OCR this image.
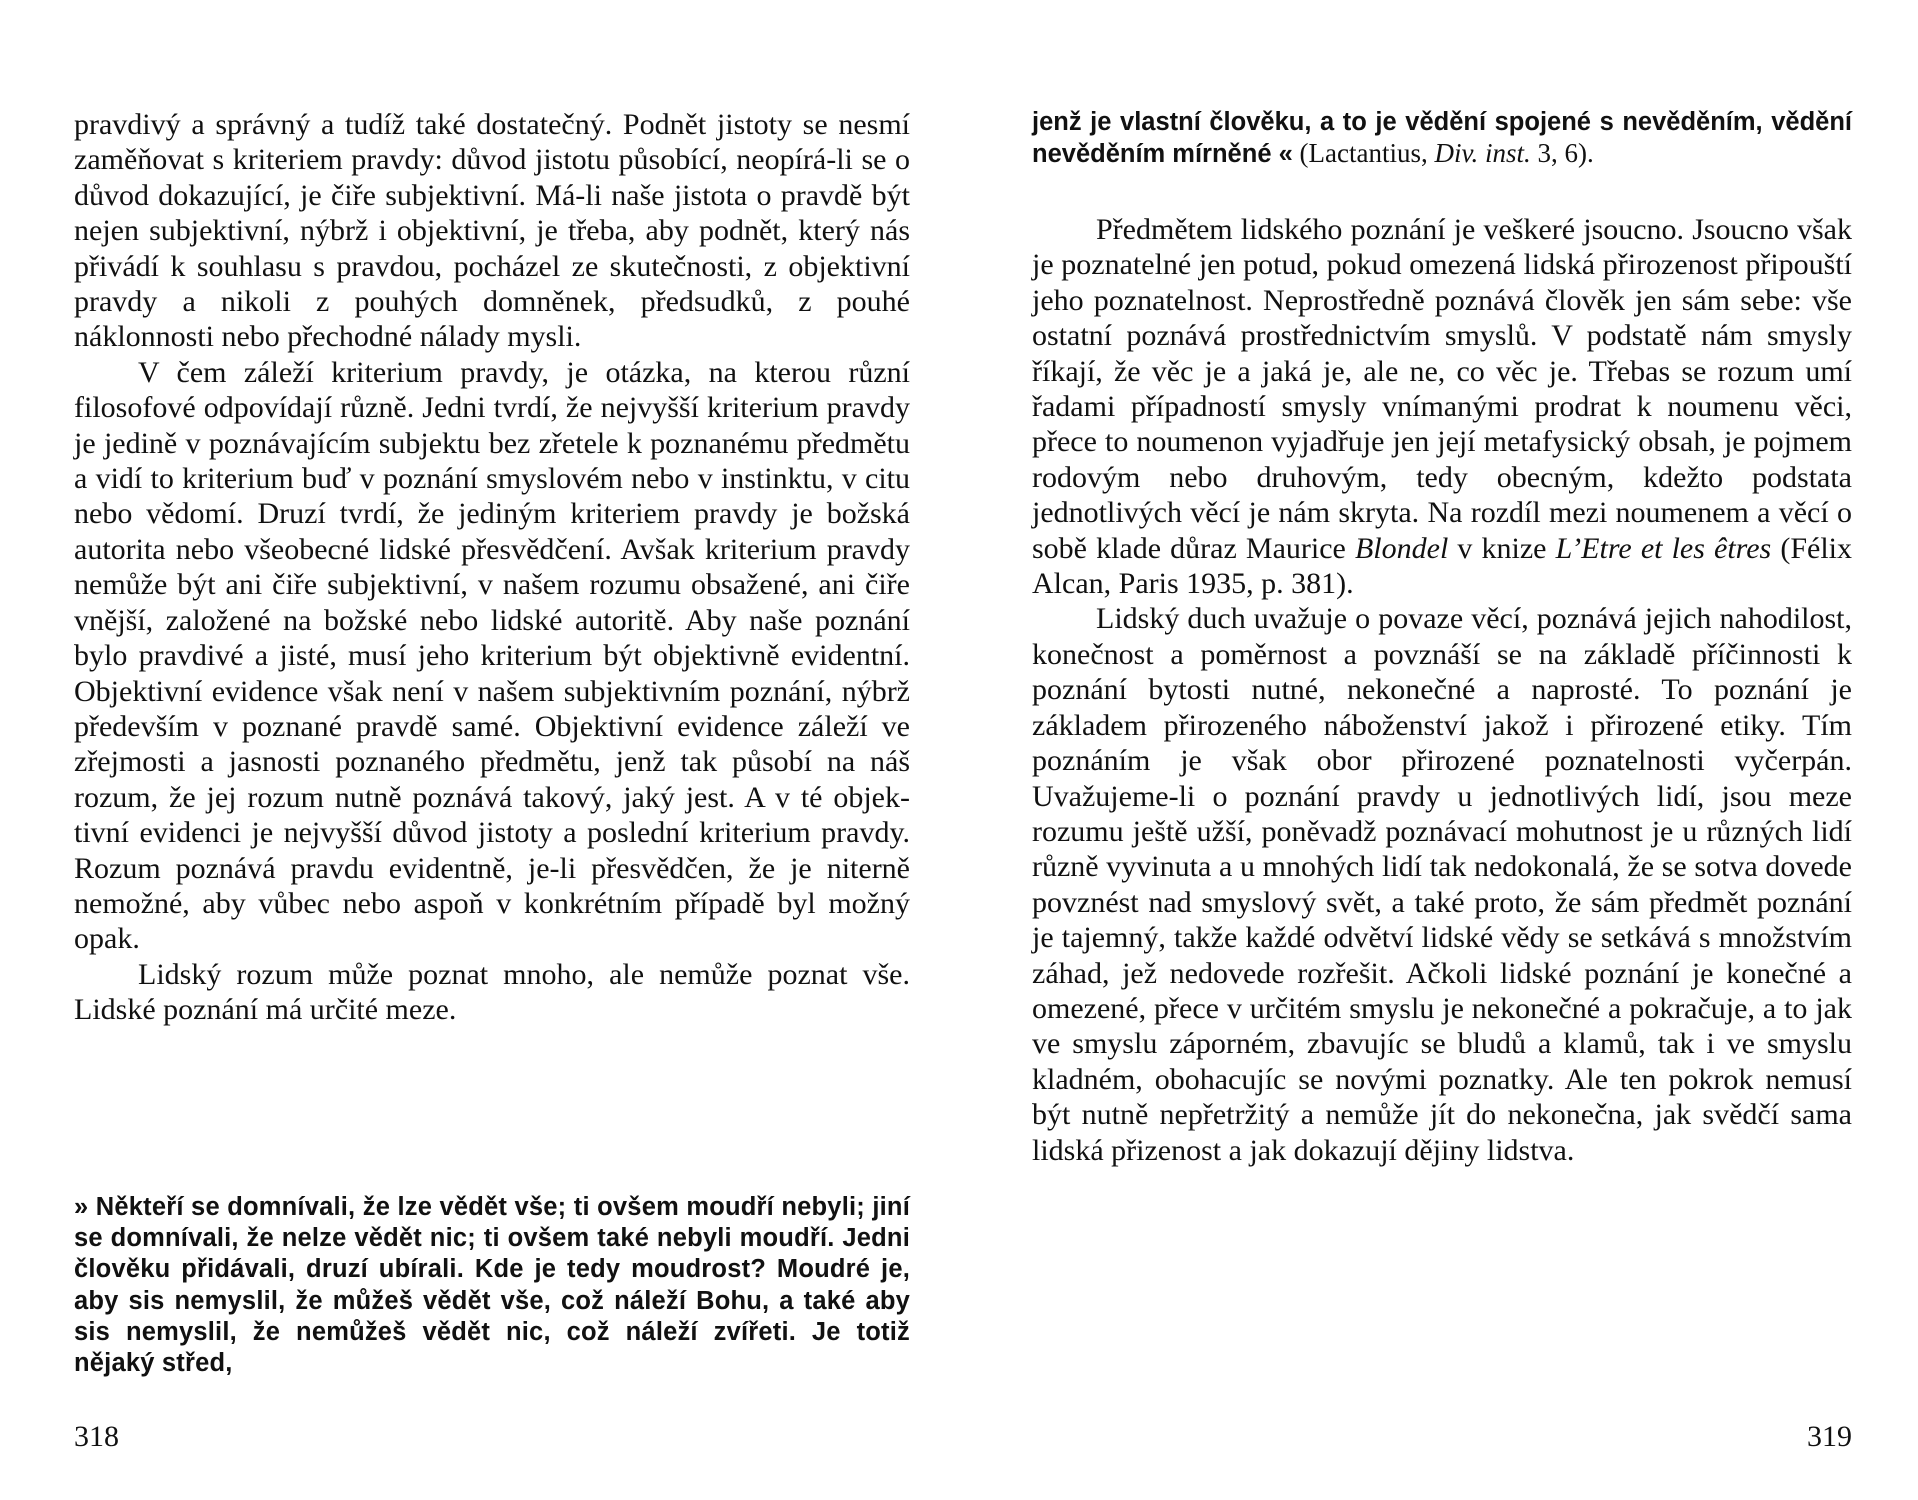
pravdivý a správný a tudíž také dostatečný. Podnět jistoty se nesmí zaměňovat s kriteriem pravdy: důvod jistotu působící, neopírá-li se o důvod dokazující, je čiře subjektivní. Má-li naše jistota o pravdě být nejen subjektivní, nýbrž i objektivní, je třeba, aby podnět, který nás přivádí k souhlasu s pravdou, pocházel ze skutečnosti, z objektivní pravdy a nikoli z pouhých domněnek, předsudků, z pouhé náklonnosti nebo přechodné nálady mysli.

V čem záleží kriterium pravdy, je otázka, na kterou různí filosofové odpovídají různě. Jedni tvrdí, že nejvyšší kriterium pravdy je jedině v poznávajícím subjektu bez zřetele k poznanému předmětu a vidí to kriterium buď v poznání smyslovém nebo v instinktu, v citu nebo vědomí. Druzí tvrdí, že jediným kriteriem pravdy je božská autorita nebo všeobecné lidské přesvědčení. Avšak kriterium pravdy nemůže být ani čiře subjektivní, v našem rozumu obsažené, ani čiře vnější, založené na božské nebo lidské autoritě. Aby naše poznání bylo pravdivé a jisté, musí jeho kriterium být objektivně evidentní. Objektivní evidence však není v našem subjektivním poznání, nýbrž především v poznané pravdě samé. Objektivní evidence záleží ve zřejmosti a jasnosti poznaného předmětu, jenž tak působí na náš rozum, že jej rozum nutně poznává takový, jaký jest. A v té objektivní evidenci je nejvyšší důvod jistoty a poslední kriterium pravdy. Rozum poznává pravdu evidentně, je-li přesvědčen, že je niterně nemožné, aby vůbec nebo aspoň v konkrétním případě byl možný opak.

Lidský rozum může poznat mnoho, ale nemůže poznat vše. Lidské poznání má určité meze.

» Někteří se domnívali, že lze vědět vše; ti ovšem moudří nebyli; jiní se domnívali, že nelze vědět nic; ti ovšem také nebyli moudří. Jedni člověku přidávali, druzí ubírali. Kde je tedy moudrost? Moudré je, aby sis nemyslil, že můžeš vědět vše, což náleží Bohu, a také aby sis nemyslil, že nemůžeš vědět nic, což náleží zvířeti. Je totiž nějaký střed,

318

jenž je vlastní člověku, a to je vědění spojené s nevěděním, vědění nevěděním mírněné « (Lactantius, Div. inst. 3, 6).

Předmětem lidského poznání je veškeré jsoucno. Jsoucno však je poznatelné jen potud, pokud omezená lidská přirozenost připouští jeho poznatelnost. Neprostředně poznává člověk jen sám sebe: vše ostatní poznává prostřednictvím smyslů. V podstatě nám smysly říkají, že věc je a jaká je, ale ne, co věc je. Třebas se rozum umí řadami případností smysly vnímanými prodrat k noumenu věci, přece to noumenon vyjadřuje jen její metafysický obsah, je pojmem rodovým nebo druhovým, tedy obecným, kdežto podstata jednotlivých věcí je nám skryta. Na rozdíl mezi noumenem a věcí o sobě klade důraz Maurice Blondel v knize L’Etre et les êtres (Félix Alcan, Paris 1935, p. 381).

Lidský duch uvažuje o povaze věcí, poznává jejich nahodilost, konečnost a poměrnost a povznáší se na základě příčinnosti k poznání bytosti nutné, nekonečné a naprosté. To poznání je základem přirozeného náboženství jakož i přirozené etiky. Tím poznáním je však obor přirozené poznatelnosti vyčerpán. Uvažujeme-li o poznání pravdy u jednotlivých lidí, jsou meze rozumu ještě užší, poněvadž poznávací mohutnost je u různých lidí různě vyvinuta a u mnohých lidí tak nedokonalá, že se sotva dovede povznést nad smyslový svět, a také proto, že sám předmět poznání je tajemný, takže každé odvětví lidské vědy se setkává s množstvím záhad, jež nedovede rozřešit. Ačkoli lidské poznání je konečné a omezené, přece v určitém smyslu je nekonečné a pokračuje, a to jak ve smyslu záporném, zbavujíc se bludů a klamů, tak i ve smyslu kladném, obohacujíc se novými poznatky. Ale ten pokrok nemusí být nutně nepřetržitý a nemůže jít do nekonečna, jak svědčí sama lidská přizenost a jak dokazují dějiny lidstva.

319
